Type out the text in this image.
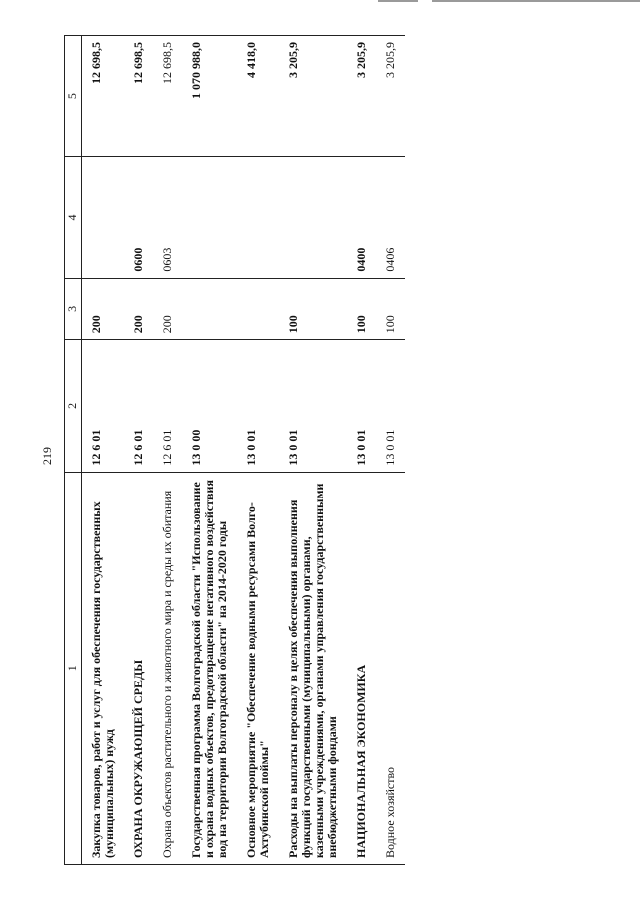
219
1	2	3	4	5
Закупка товаров, работ и услуг для обеспечения государственных (муниципальных) нужд	12 6 01	200		12 698,5
ОХРАНА ОКРУЖАЮЩЕЙ СРЕДЫ	12 6 01	200	0600	12 698,5
Охрана объектов растительного и животного мира и среды их обитания	12 6 01	200	0603	12 698,5
Государственная программа Волгоградской области "Использование и охрана водных объектов, предотвращение негативного воздействия вод на территории Волгоградской области" на 2014-2020 годы	13 0 00			1 070 988,0
Основное мероприятие "Обеспечение водными ресурсами Волго-Ахтубинской поймы"	13 0 01			4 418,0
Расходы на выплаты персоналу в целях обеспечения выполнения функций государственными (муниципальными) органами, казенными учреждениями, органами управления государственными внебюджетными фондами	13 0 01	100		3 205,9
НАЦИОНАЛЬНАЯ ЭКОНОМИКА	13 0 01	100	0400	3 205,9
Водное хозяйство	13 0 01	100	0406	3 205,9
